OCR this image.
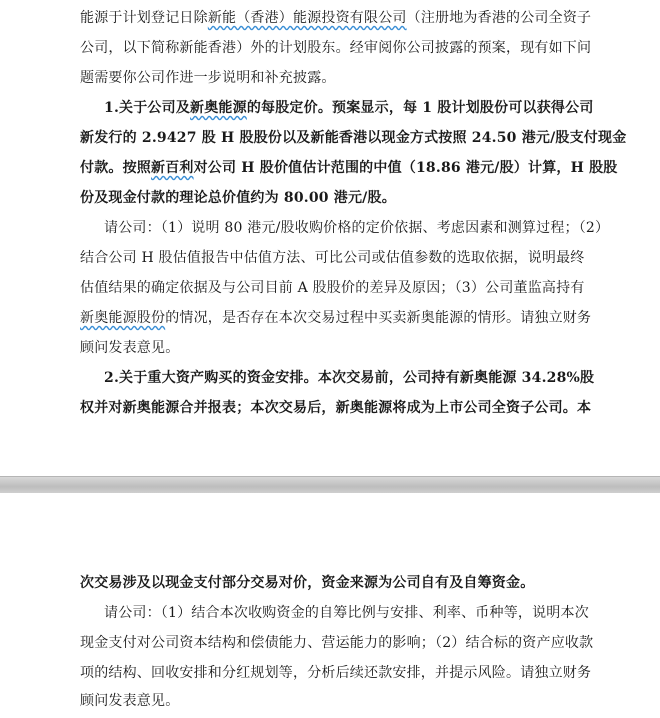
能源于计划登记日除新能（香港）能源投资有限公司（注册地为香港的公司全资子
公司，以下简称新能香港）外的计划股东。经审阅你公司披露的预案，现有如下问
题需要你公司作进一步说明和补充披露。
1.关于公司及新奥能源的每股定价。预案显示，每 1 股计划股份可以获得公司
新发行的 2.9427 股 H 股股份以及新能香港以现金方式按照 24.50 港元/股支付现金
付款。按照新百利对公司 H 股价值估计范围的中值（18.86 港元/股）计算，H 股股
份及现金付款的理论总价值约为 80.00 港元/股。
请公司：（1）说明 80 港元/股收购价格的定价依据、考虑因素和测算过程；（2）
结合公司 H 股估值报告中估值方法、可比公司或估值参数的选取依据，说明最终
估值结果的确定依据及与公司目前 A 股股价的差异及原因；（3）公司董监高持有
新奥能源股份的情况，是否存在本次交易过程中买卖新奥能源的情形。请独立财务
顾问发表意见。
2.关于重大资产购买的资金安排。本次交易前，公司持有新奥能源 34.28%股
权并对新奥能源合并报表；本次交易后，新奥能源将成为上市公司全资子公司。本
次交易涉及以现金支付部分交易对价，资金来源为公司自有及自筹资金。
请公司：（1）结合本次收购资金的自筹比例与安排、利率、币种等，说明本次
现金支付对公司资本结构和偿债能力、营运能力的影响；（2）结合标的资产应收款
项的结构、回收安排和分红规划等，分析后续还款安排，并提示风险。请独立财务
顾问发表意见。
